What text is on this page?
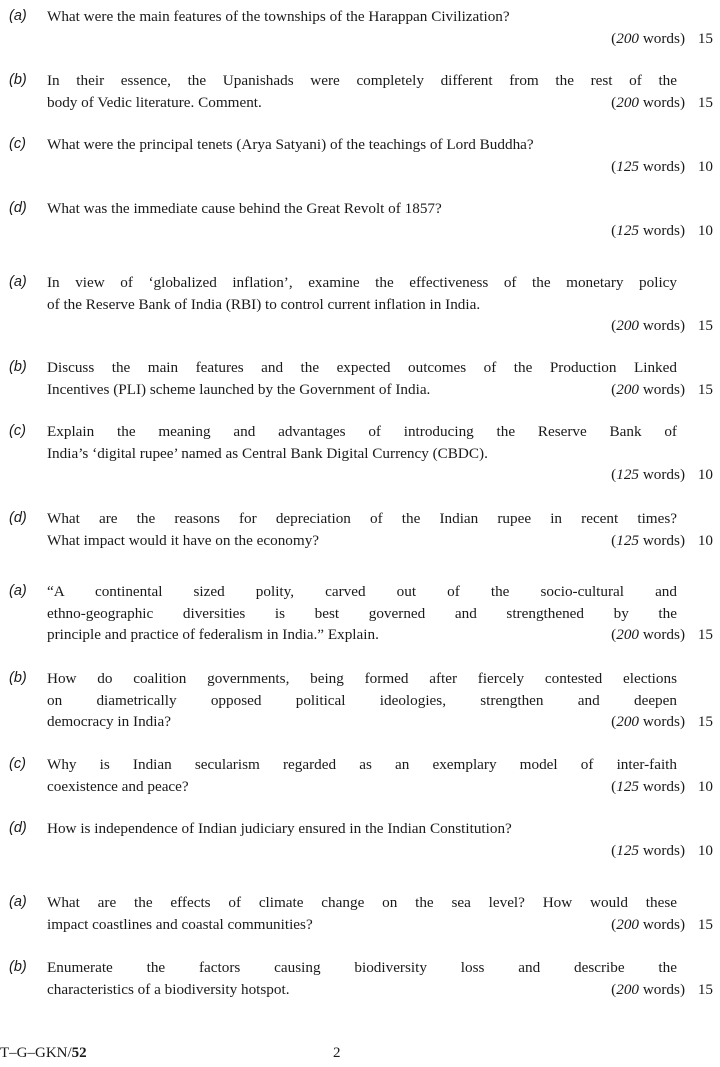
(a) What were the main features of the townships of the Harappan Civilization?
(200 words) 15
(b) In their essence, the Upanishads were completely different from the rest of the
body of Vedic literature. Comment.	(200 words) 15
(c) What were the principal tenets (Arya Satyani) of the teachings of Lord Buddha?
(125 words) 10
(d) What was the immediate cause behind the Great Revolt of 1857?
(125 words) 10
(a) In view of ‘globalized inflation’, examine the effectiveness of the monetary policy
of the Reserve Bank of India (RBI) to control current inflation in India.
(200 words) 15
(b) Discuss the main features and the expected outcomes of the Production Linked
Incentives (PLI) scheme launched by the Government of India.	(200 words) 15
(c) Explain the meaning and advantages of introducing the Reserve Bank of
India’s ‘digital rupee’ named as Central Bank Digital Currency (CBDC).
(125 words) 10
(d) What are the reasons for depreciation of the Indian rupee in recent times?
What impact would it have on the economy?	(125 words) 10
(a) “A continental sized polity, carved out of the socio-cultural and
ethno-geographic diversities is best governed and strengthened by the
principle and practice of federalism in India.” Explain.	(200 words) 15
(b) How do coalition governments, being formed after fiercely contested elections
on diametrically opposed political ideologies, strengthen and deepen
democracy in India?	(200 words) 15
(c) Why is Indian secularism regarded as an exemplary model of inter-faith
coexistence and peace?	(125 words) 10
(d) How is independence of Indian judiciary ensured in the Indian Constitution?
(125 words) 10
(a) What are the effects of climate change on the sea level? How would these
impact coastlines and coastal communities?	(200 words) 15
(b) Enumerate the factors causing biodiversity loss and describe the
characteristics of a biodiversity hotspot.	(200 words) 15
T–G–GKN/52	2
